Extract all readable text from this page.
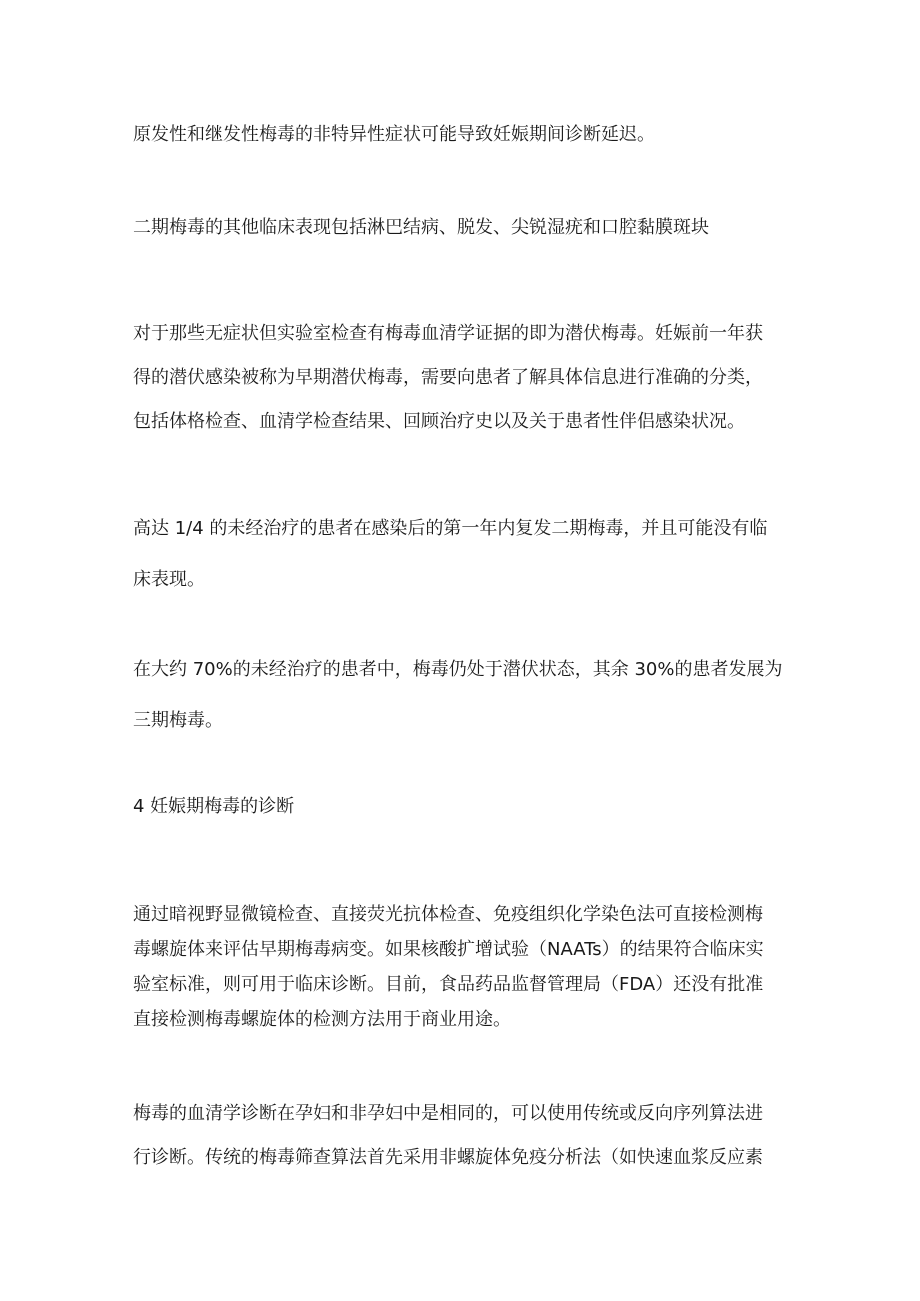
原发性和继发性梅毒的非特异性症状可能导致妊娠期间诊断延迟。

二期梅毒的其他临床表现包括淋巴结病、脱发、尖锐湿疣和口腔黏膜斑块

对于那些无症状但实验室检查有梅毒血清学证据的即为潜伏梅毒。妊娠前一年获
得的潜伏感染被称为早期潜伏梅毒，需要向患者了解具体信息进行准确的分类，
包括体格检查、血清学检查结果、回顾治疗史以及关于患者性伴侣感染状况。

高达 1/4 的未经治疗的患者在感染后的第一年内复发二期梅毒，并且可能没有临
床表现。

在大约 70%的未经治疗的患者中，梅毒仍处于潜伏状态，其余 30%的患者发展为
三期梅毒。

4 妊娠期梅毒的诊断

通过暗视野显微镜检查、直接荧光抗体检查、免疫组织化学染色法可直接检测梅
毒螺旋体来评估早期梅毒病变。如果核酸扩增试验（NAATs）的结果符合临床实
验室标准，则可用于临床诊断。目前，食品药品监督管理局（FDA）还没有批准
直接检测梅毒螺旋体的检测方法用于商业用途。

梅毒的血清学诊断在孕妇和非孕妇中是相同的，可以使用传统或反向序列算法进
行诊断。传统的梅毒筛查算法首先采用非螺旋体免疫分析法（如快速血浆反应素
